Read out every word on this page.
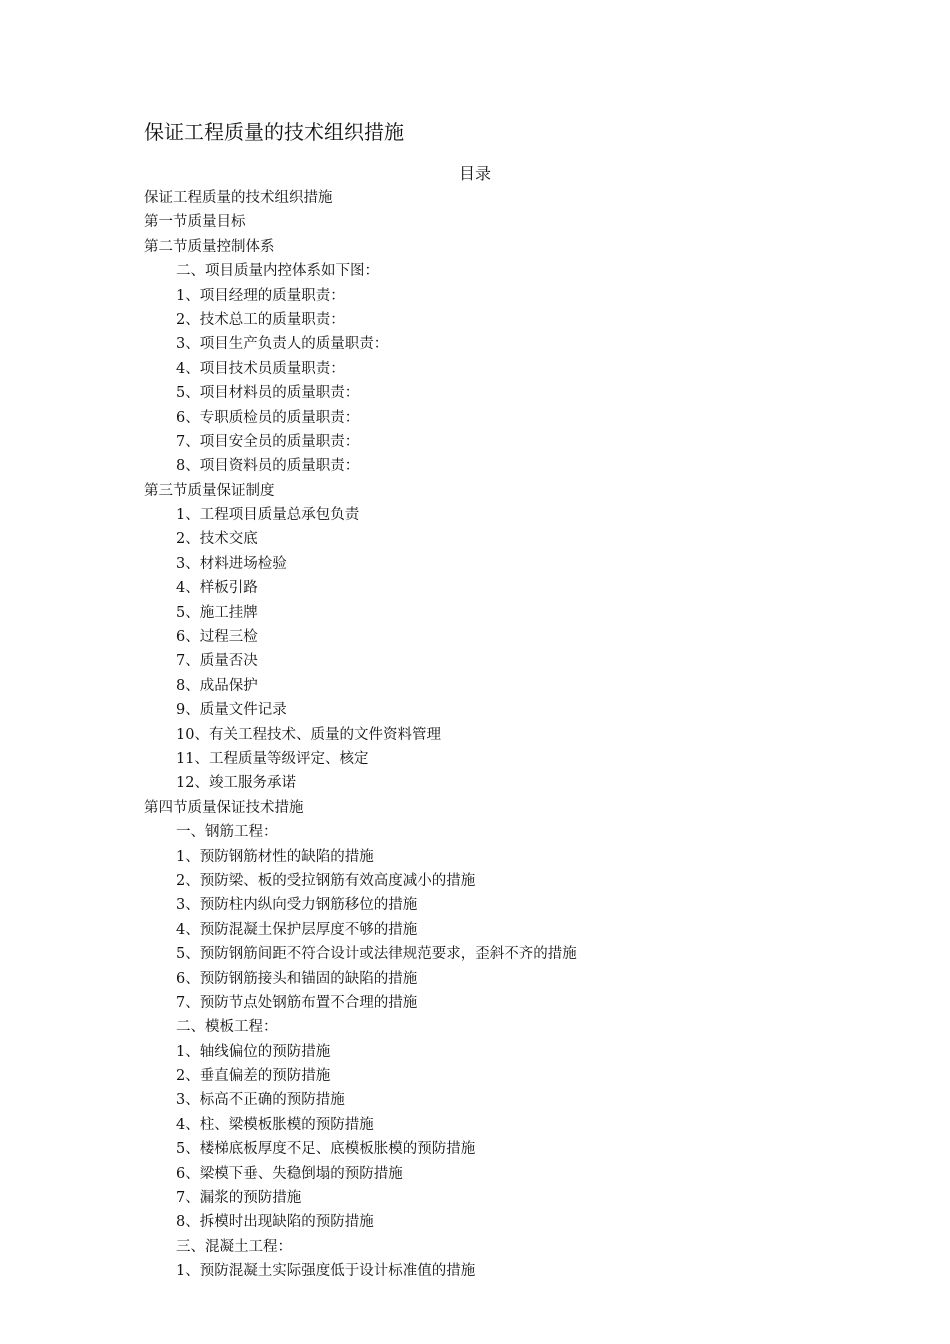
保证工程质量的技术组织措施
目录
保证工程质量的技术组织措施
第一节质量目标
第二节质量控制体系
二、项目质量内控体系如下图：
1、项目经理的质量职责：
2、技术总工的质量职责：
3、项目生产负责人的质量职责：
4、项目技术员质量职责：
5、项目材料员的质量职责：
6、专职质检员的质量职责：
7、项目安全员的质量职责：
8、项目资料员的质量职责：
第三节质量保证制度
1、工程项目质量总承包负责
2、技术交底
3、材料进场检验
4、样板引路
5、施工挂牌
6、过程三检
7、质量否决
8、成品保护
9、质量文件记录
10、有关工程技术、质量的文件资料管理
11、工程质量等级评定、核定
12、竣工服务承诺
第四节质量保证技术措施
一、钢筋工程：
1、预防钢筋材性的缺陷的措施
2、预防梁、板的受拉钢筋有效高度减小的措施
3、预防柱内纵向受力钢筋移位的措施
4、预防混凝土保护层厚度不够的措施
5、预防钢筋间距不符合设计或法律规范要求，歪斜不齐的措施
6、预防钢筋接头和锚固的缺陷的措施
7、预防节点处钢筋布置不合理的措施
二、模板工程：
1、轴线偏位的预防措施
2、垂直偏差的预防措施
3、标高不正确的预防措施
4、柱、梁模板胀模的预防措施
5、楼梯底板厚度不足、底模板胀模的预防措施
6、梁模下垂、失稳倒塌的预防措施
7、漏浆的预防措施
8、拆模时出现缺陷的预防措施
三、混凝土工程：
1、预防混凝土实际强度低于设计标准值的措施
